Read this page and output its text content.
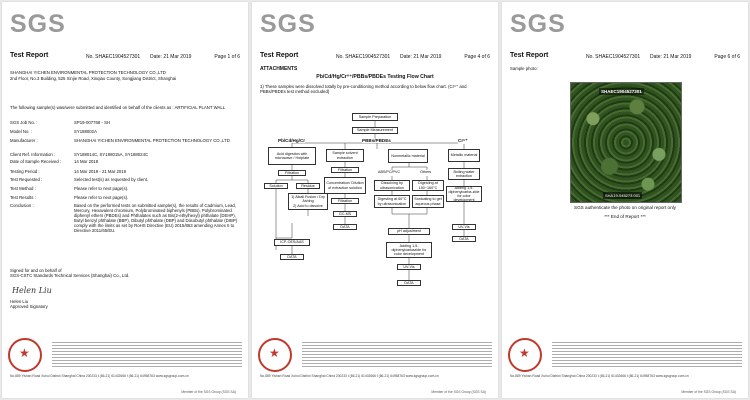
SGS
Test Report	No. SHAEC1904527301 Date: 21 Mar 2019	Page 1 of 6
SHANGHAI YICHEN ENVIRONMENTAL PROTECTION TECHNOLOGY CO.,LTD
2nd Floor, No.3 Building, 525 Xinjie Road, Xinqiao County, Songjiang District, Shanghai
The following sample(s) was/were submitted and identified on behalf of the clients as : ARTIFICIAL PLANT WALL
SGS Job No. :	SP19-007768 - SH
Model No. :	SY188002A
Manufacturer :	SHANGHAI YICHEN ENVIRONMENTAL PROTECTION TECHNOLOGY CO.,LTD
Client Ref. Information :	SY188014C, SY188015A, SY188024C
Date of Sample Received :	14 Mar 2019
Testing Period :	14 Mar 2019 - 21 Mar 2019
Test Requested :	Selected test(s) as requested by client.
Test Method :	Please refer to next page(s).
Test Results :	Please refer to next page(s).
Conclusion :	Based on the performed tests on submitted sample(s), the results of Cadmium, Lead, Mercury, Hexavalent chromium, Polybrominated biphenyls (PBBs), Polybrominated diphenyl ethers (PBDEs) and Phthalates such as Bis(2-ethylhexyl) phthalate (DEHP), Butyl benzyl phthalate (BBP), Dibutyl phthalate (DBP) and Diisobutyl phthalate (DIBP) comply with the limits as set by RoHS Directive (EU) 2015/863 amending Annex II to Directive 2011/65/EU.
Signed for and on behalf of
SGS-CSTC Standards Technical Services (Shanghai) Co., Ltd.
Helen Liu
Helen Liu
Approved Signatory
★
No.889 Yishan Road Xuhui District Shanghai China 200233 t (86-21) 61402666 f (86-21) 64958763 www.sgsgroup.com.cn
Member of the SGS Group (SGS SA)
SGS
Test Report	No. SHAEC1904527301 Date: 21 Mar 2019	Page 4 of 6
ATTACHMENTS
Pb/Cd/Hg/Cr⁶⁺/PBBs/PBDEs Testing Flow Chart
1) These samples were dissolved totally by pre-conditioning method according to below flow chart. (Cr⁶⁺ and PBBs/PBDEs test method excluded)
Sample Preparation
Sample Measurement
Pb/Cd/Hg/Cr	PBBs/PBDEs	Cr⁶⁺
Acid digestion with microwave / Hotplate
Filtration
Solution	Residue
1) Alkali Fusion / Dry Ashing
2) Acid to dissolve
ICP-OES/AAS
DATA
Sample solvent extraction
Filtration
Concentration/ Dilution of extraction solution
Filtration
GC-MS
DATA
Nonmetallic material
ABS/PC/PVC	Others
Dissolving by ultrasonication
Digesting at 150~160°C
Digesting at 60°C by ultrasonication
Sonicating to get aqueous phase
pH adjustment
Adding 1,5-diphenylcarbazide for color development
UV-Vis
DATA
Metallic material
Boiling water extraction
Adding 1,5-diphenylcarba-zide for color development
UV-Vis
DATA
★
No.889 Yishan Road Xuhui District Shanghai China 200233 t (86-21) 61402666 f (86-21) 64958763 www.sgsgroup.com.cn
Member of the SGS Group (SGS SA)
SGS
Test Report	No. SHAEC1904527301 Date: 21 Mar 2019	Page 6 of 6
Sample photo:
SHAEC1904527301
SHA19-045273.001
SGS authenticate the photo on original report only
*** End of Report ***
★
No.889 Yishan Road Xuhui District Shanghai China 200233 t (86-21) 61402666 f (86-21) 64958763 www.sgsgroup.com.cn
Member of the SGS Group (SGS SA)
